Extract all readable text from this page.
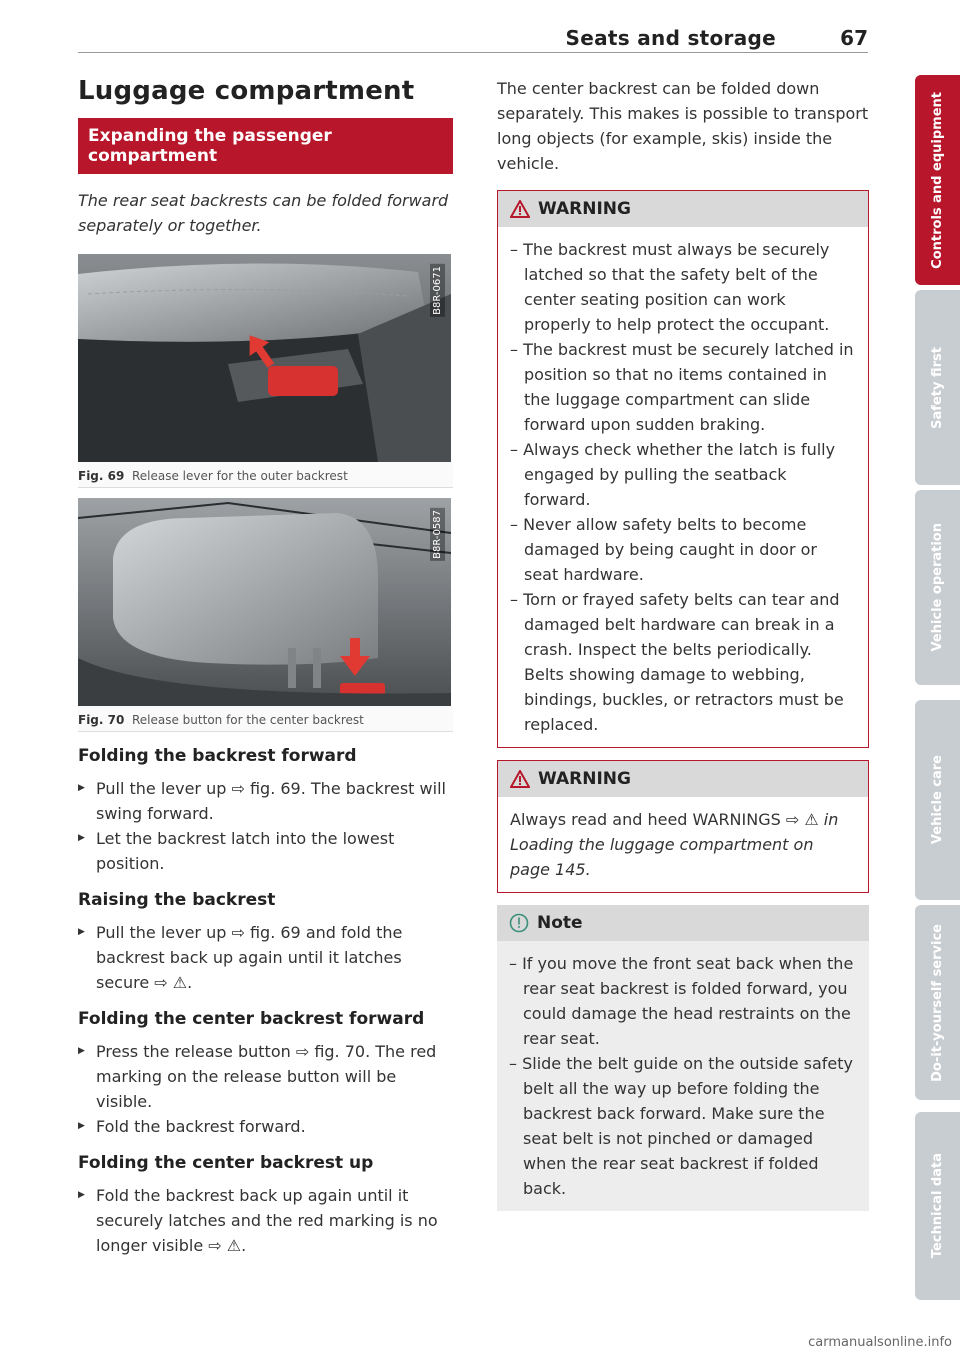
Seats and storage	67
Luggage compartment
Expanding the passenger compartment
The rear seat backrests can be folded forward separately or together.
B8R-0671
Fig. 69 Release lever for the outer backrest
B8R-0587
Fig. 70 Release button for the center backrest
Folding the backrest forward
▶ Pull the lever up ⇨ fig. 69. The backrest will swing forward.
▶ Let the backrest latch into the lowest position.
Raising the backrest
▶ Pull the lever up ⇨ fig. 69 and fold the backrest back up again until it latches secure ⇨ ⚠.
Folding the center backrest forward
▶ Press the release button ⇨ fig. 70. The red marking on the release button will be visible.
▶ Fold the backrest forward.
Folding the center backrest up
▶ Fold the backrest back up again until it securely latches and the red marking is no longer visible ⇨ ⚠.

The center backrest can be folded down separately. This makes is possible to transport long objects (for example, skis) inside the vehicle.

WARNING
– The backrest must always be securely latched so that the safety belt of the center seating position can work properly to help protect the occupant.
– The backrest must be securely latched in position so that no items contained in the luggage compartment can slide forward upon sudden braking.
– Always check whether the latch is fully engaged by pulling the seatback forward.
– Never allow safety belts to become damaged by being caught in door or seat hardware.
– Torn or frayed safety belts can tear and damaged belt hardware can break in a crash. Inspect the belts periodically. Belts showing damage to webbing, bindings, buckles, or retractors must be replaced.
WARNING
Always read and heed WARNINGS ⇨ ⚠ in Loading the luggage compartment on page 145.
Note
– If you move the front seat back when the rear seat backrest is folded forward, you could damage the head restraints on the rear seat.
– Slide the belt guide on the outside safety belt all the way up before folding the backrest back forward. Make sure the seat belt is not pinched or damaged when the rear seat backrest if folded back.
Controls and equipment
Safety first
Vehicle operation
Vehicle care
Do-it-yourself service
Technical data
carmanualsonline.info
